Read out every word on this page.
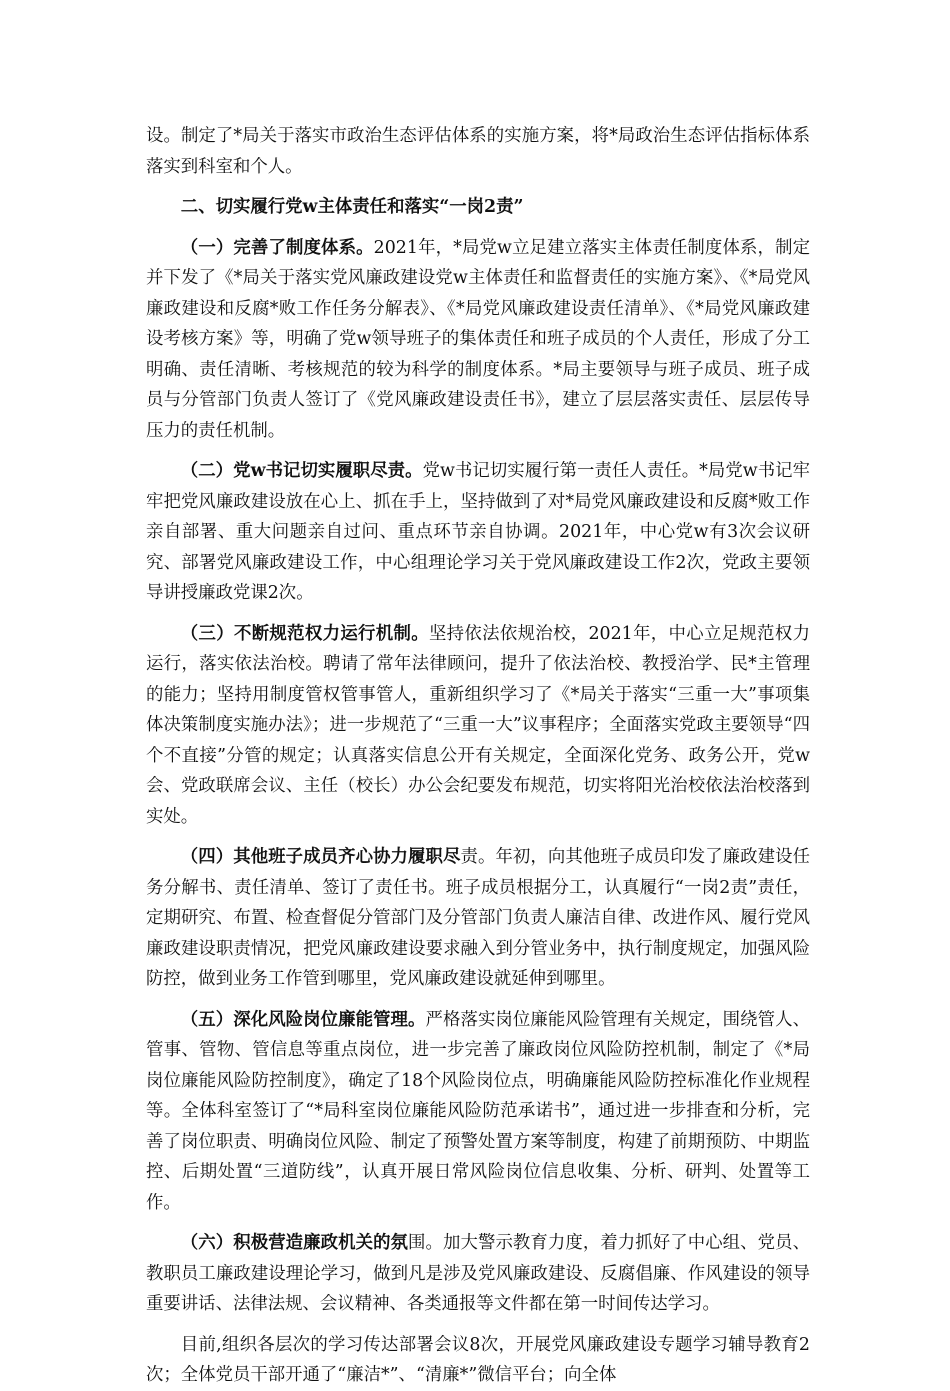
设。制定了*局关于落实市政治生态评估体系的实施方案，将*局政治生态评估指标体系落实到科室和个人。

二、切实履行党w主体责任和落实“一岗2责”

（一）完善了制度体系。2021年，*局党w立足建立落实主体责任制度体系，制定并下发了《*局关于落实党风廉政建设党w主体责任和监督责任的实施方案》、《*局党风廉政建设和反腐*败工作任务分解表》、《*局党风廉政建设责任清单》、《*局党风廉政建设考核方案》等，明确了党w领导班子的集体责任和班子成员的个人责任，形成了分工明确、责任清晰、考核规范的较为科学的制度体系。*局主要领导与班子成员、班子成员与分管部门负责人签订了《党风廉政建设责任书》，建立了层层落实责任、层层传导压力的责任机制。

（二）党w书记切实履职尽责。党w书记切实履行第一责任人责任。*局党w书记牢牢把党风廉政建设放在心上、抓在手上，坚持做到了对*局党风廉政建设和反腐*败工作亲自部署、重大问题亲自过问、重点环节亲自协调。2021年，中心党w有3次会议研究、部署党风廉政建设工作，中心组理论学习关于党风廉政建设工作2次，党政主要领导讲授廉政党课2次。

（三）不断规范权力运行机制。坚持依法依规治校，2021年，中心立足规范权力运行，落实依法治校。聘请了常年法律顾问，提升了依法治校、教授治学、民*主管理的能力；坚持用制度管权管事管人，重新组织学习了《*局关于落实“三重一大”事项集体决策制度实施办法》；进一步规范了“三重一大”议事程序；全面落实党政主要领导“四个不直接”分管的规定；认真落实信息公开有关规定，全面深化党务、政务公开，党w会、党政联席会议、主任（校长）办公会纪要发布规范，切实将阳光治校依法治校落到实处。

（四）其他班子成员齐心协力履职尽责。年初，向其他班子成员印发了廉政建设任务分解书、责任清单、签订了责任书。班子成员根据分工，认真履行“一岗2责”责任，定期研究、布置、检查督促分管部门及分管部门负责人廉洁自律、改进作风、履行党风廉政建设职责情况，把党风廉政建设要求融入到分管业务中，执行制度规定，加强风险防控，做到业务工作管到哪里，党风廉政建设就延伸到哪里。

（五）深化风险岗位廉能管理。严格落实岗位廉能风险管理有关规定，围绕管人、管事、管物、管信息等重点岗位，进一步完善了廉政岗位风险防控机制，制定了《*局岗位廉能风险防控制度》，确定了18个风险岗位点，明确廉能风险防控标准化作业规程等。全体科室签订了“*局科室岗位廉能风险防范承诺书”，通过进一步排查和分析，完善了岗位职责、明确岗位风险、制定了预警处置方案等制度，构建了前期预防、中期监控、后期处置“三道防线”，认真开展日常风险岗位信息收集、分析、研判、处置等工作。

（六）积极营造廉政机关的氛围。加大警示教育力度，着力抓好了中心组、党员、教职员工廉政建设理论学习，做到凡是涉及党风廉政建设、反腐倡廉、作风建设的领导重要讲话、法律法规、会议精神、各类通报等文件都在第一时间传达学习。

目前,组织各层次的学习传达部署会议8次，开展党风廉政建设专题学习辅导教育2次；全体党员干部开通了“廉洁*”、“清廉*”微信平台；向全体
